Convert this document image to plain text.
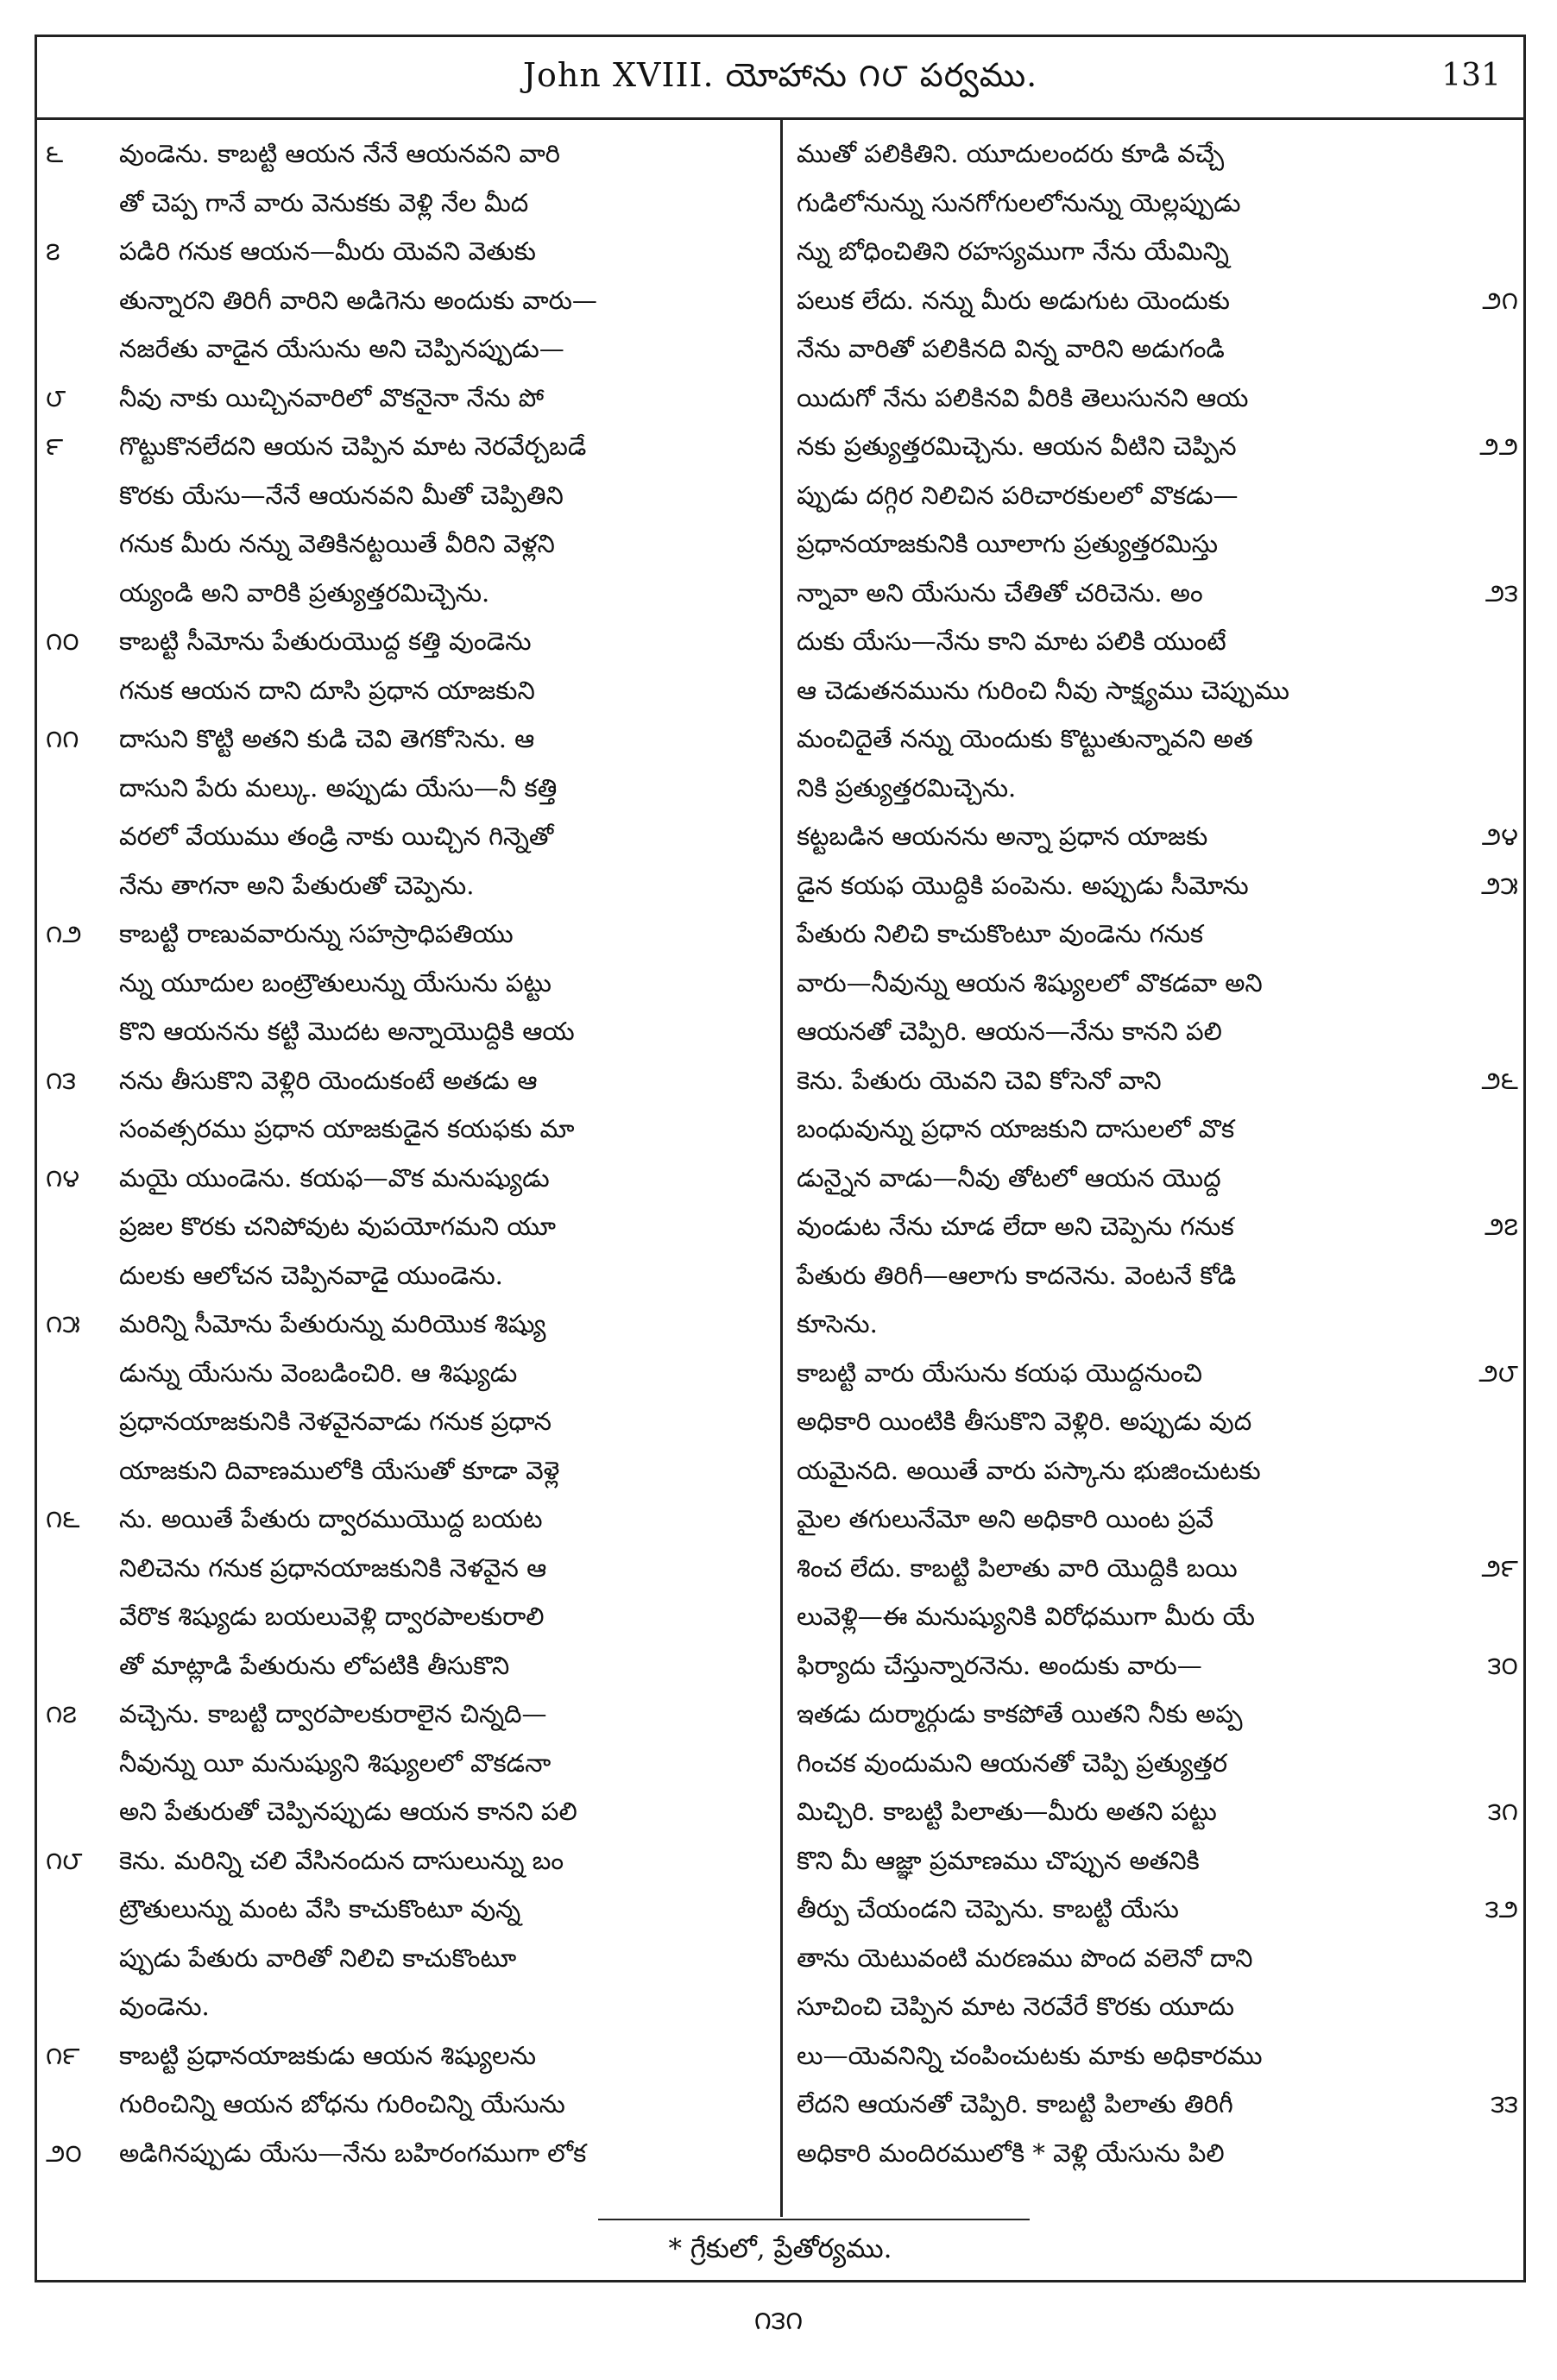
John XVIII. యోహాను ౧౮ పర్వము.	131
౬	వుండెను. కాబట్టి ఆయన నేనే ఆయనవని వారి
తో చెప్ప గానే వారు వెనుకకు వెళ్లి నేల మీద
౭	పడిరి గనుక ఆయన—మీరు యెవని వెతుకు
తున్నారని తిరిగీ వారిని అడిగెను అందుకు వారు—
నజరేతు వాడైన యేసును అని చెప్పినప్పుడు—
౮	నీవు నాకు యిచ్చినవారిలో వొకనైనా నేను పో
౯	గొట్టుకొనలేదని ఆయన చెప్పిన మాట నెరవేర్చబడే
కొరకు యేసు—నేనే ఆయనవని మీతో చెప్పితిని
గనుక మీరు నన్ను వెతికినట్టయితే వీరిని వెళ్లని
య్యండి అని వారికి ప్రత్యుత్తరమిచ్చెను.
౧౦	కాబట్టి సీమోను పేతురుయొద్ద కత్తి వుండెను
గనుక ఆయన దాని దూసి ప్రధాన యాజకుని
౧౧	దాసుని కొట్టి అతని కుడి చెవి తెగకోసెను. ఆ
దాసుని పేరు మల్కు. అప్పుడు యేసు—నీ కత్తి
వరలో వేయుము తండ్రి నాకు యిచ్చిన గిన్నెతో
నేను తాగనా అని పేతురుతో చెప్పెను.
౧౨	కాబట్టి రాణువవారున్ను సహస్రాధిపతియు
న్ను యూదుల బంట్రౌతులున్ను యేసును పట్టు
కొని ఆయనను కట్టి మొదట అన్నాయొద్దికి ఆయ
౧౩	నను తీసుకొని వెళ్లిరి యెందుకంటే అతడు ఆ
సంవత్సరము ప్రధాన యాజకుడైన కయఫకు మా
౧౪	మయై యుండెను. కయఫ—వొక మనుష్యుడు
ప్రజల కొరకు చనిపోవుట వుపయోగమని యూ
దులకు ఆలోచన చెప్పినవాడై యుండెను.
౧౫	మరిన్ని సీమోను పేతురున్ను మరియొక శిష్యు
డున్ను యేసును వెంబడించిరి. ఆ శిష్యుడు
ప్రధానయాజకునికి నెళవైనవాడు గనుక ప్రధాన
యాజకుని దివాణములోకి యేసుతో కూడా వెళ్లె
౧౬	ను. అయితే పేతురు ద్వారముయొద్ద బయట
నిలిచెను గనుక ప్రధానయాజకునికి నెళవైన ఆ
వేరొక శిష్యుడు బయలువెళ్లి ద్వారపాలకురాలి
తో మాట్లాడి పేతురును లోపటికి తీసుకొని
౧౭	వచ్చెను. కాబట్టి ద్వారపాలకురాలైన చిన్నది—
నీవున్ను యీ మనుష్యుని శిష్యులలో వొకడనా
అని పేతురుతో చెప్పినప్పుడు ఆయన కానని పలి
౧౮	కెను. మరిన్ని చలి వేసినందున దాసులున్ను బం
ట్రౌతులున్ను మంట వేసి కాచుకొంటూ వున్న
ప్పుడు పేతురు వారితో నిలిచి కాచుకొంటూ
వుండెను.
౧౯	కాబట్టి ప్రధానయాజకుడు ఆయన శిష్యులను
గురించిన్ని ఆయన బోధను గురించిన్ని యేసును
౨౦	అడిగినప్పుడు యేసు—నేను బహిరంగముగా లోక
ముతో పలికితిని. యూదులందరు కూడి వచ్చే
గుడిలోనున్ను సునగోగులలోనున్ను యెల్లప్పుడు
న్ను బోధించితిని రహస్యముగా నేను యేమిన్ని
౨౧
పలుక లేదు. నన్ను మీరు అడుగుట యెందుకు
నేను వారితో పలికినది విన్న వారిని అడుగండి
యిదుగో నేను పలికినవి వీరికి తెలుసునని ఆయ
౨౨
నకు ప్రత్యుత్తరమిచ్చెను. ఆయన వీటిని చెప్పిన
ప్పుడు దగ్గిర నిలిచిన పరిచారకులలో వొకడు—
ప్రధానయాజకునికి యీలాగు ప్రత్యుత్తరమిస్తు
౨౩
న్నావా అని యేసును చేతితో చరిచెను. అం
దుకు యేసు—నేను కాని మాట పలికి యుంటే
ఆ చెడుతనమును గురించి నీవు సాక్ష్యము చెప్పుము
మంచిదైతే నన్ను యెందుకు కొట్టుతున్నావని అత
నికి ప్రత్యుత్తరమిచ్చెను.
౨౪
కట్టబడిన ఆయనను అన్నా ప్రధాన యాజకు
౨౫
డైన కయఫ యొద్దికి పంపెను. అప్పుడు సీమోను
పేతురు నిలిచి కాచుకొంటూ వుండెను గనుక
వారు—నీవున్ను ఆయన శిష్యులలో వొకడవా అని
ఆయనతో చెప్పిరి. ఆయన—నేను కానని పలి
౨౬
కెను. పేతురు యెవని చెవి కోసెనో వాని
బంధువున్ను ప్రధాన యాజకుని దాసులలో వొక
డున్నైన వాడు—నీవు తోటలో ఆయన యొద్ద
౨౭
వుండుట నేను చూడ లేదా అని చెప్పెను గనుక
పేతురు తిరిగీ—ఆలాగు కాదనెను. వెంటనే కోడి
కూసెను.
౨౮
కాబట్టి వారు యేసును కయఫ యొద్దనుంచి
అధికారి యింటికి తీసుకొని వెళ్లిరి. అప్పుడు వుద
యమైనది. అయితే వారు పస్కాను భుజించుటకు
మైల తగులునేమో అని అధికారి యింట ప్రవే
౨౯
శించ లేదు. కాబట్టి పిలాతు వారి యొద్దికి బయి
లువెళ్లి—ఈ మనుష్యునికి విరోధముగా మీరు యే
౩౦
ఫిర్యాదు చేస్తున్నారనెను. అందుకు వారు—
ఇతడు దుర్మార్గుడు కాకపోతే యితని నీకు అప్ప
గించక వుందుమని ఆయనతో చెప్పి ప్రత్యుత్తర
౩౧
మిచ్చిరి. కాబట్టి పిలాతు—మీరు అతని పట్టు
కొని మీ ఆజ్ఞా ప్రమాణము చొప్పున అతనికి
౩౨
తీర్పు చేయండని చెప్పెను. కాబట్టి యేసు
తాను యెటువంటి మరణము పొంద వలెనో దాని
సూచించి చెప్పిన మాట నెరవేరే కొరకు యూదు
లు—యెవనిన్ని చంపించుటకు మాకు అధికారము
౩౩
లేదని ఆయనతో చెప్పిరి. కాబట్టి పిలాతు తిరిగీ
అధికారి మందిరములోకి * వెళ్లి యేసును పిలి
* గ్రేకులో, ప్రేతోర్యము.
౧౩౧
